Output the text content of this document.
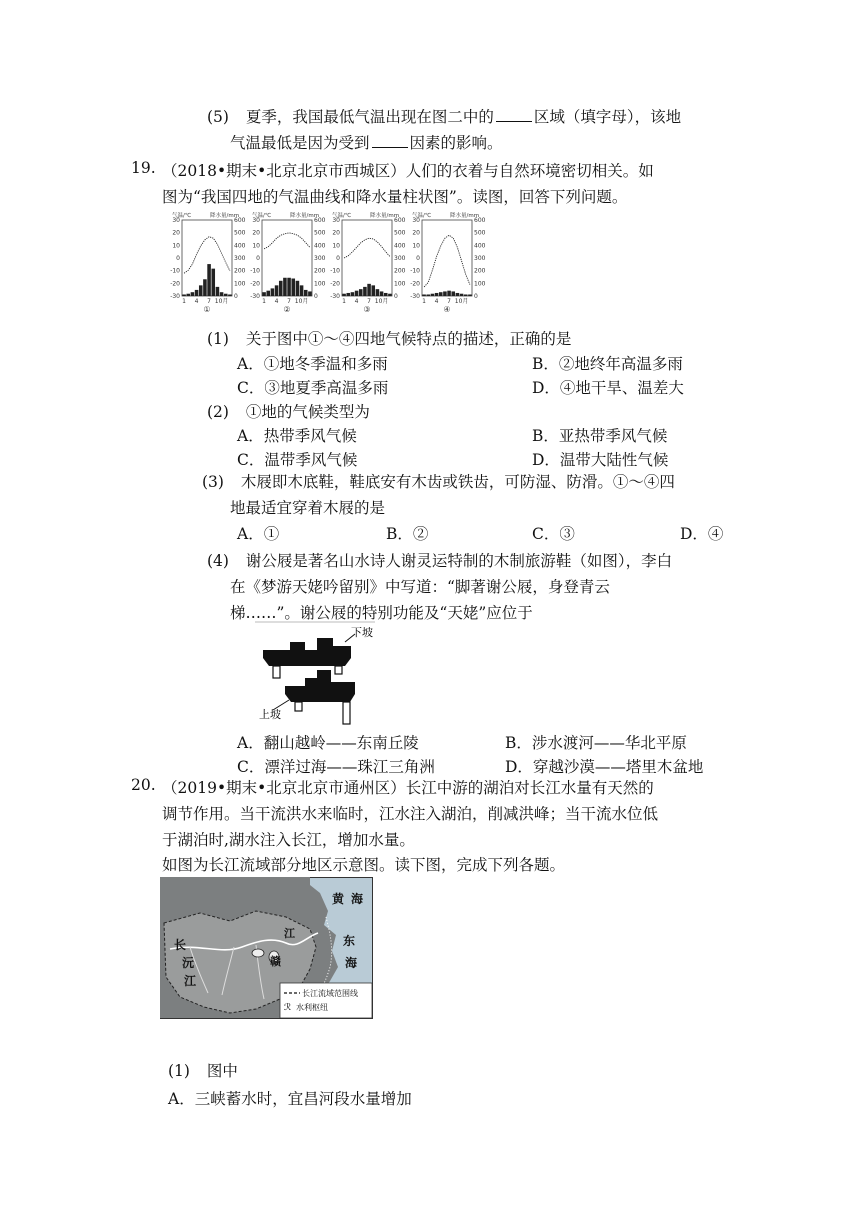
(5) 夏季，我国最低气温出现在图二中的	区域（填字母），该地
气温最低是因为受到	因素的影响。
19. （2018•期末•北京北京市西城区）人们的衣着与自然环境密切相关。如
图为“我国四地的气温曲线和降水量柱状图”。读图，回答下列问题。
气温/℃	降水量/mm
30	600
20	500
10	400
0	300
-10	200
-20	100
-30	0
1 4 7 10月
①
气温/℃	降水量/mm
30	600
20	500
10	400
0	300
-10	200
-20	100
-30	0
1 4 7 10月
②
气温/℃	降水量/mm
30	600
20	500
10	400
0	300
-10	200
-20	100
-30	0
1 4 7 10月
③
气温/℃	降水量/mm
30	600
20	500
10	400
0	300
-10	200
-20	100
-30	0
1 4 7 10月
④
(1) 关于图中①～④四地气候特点的描述，正确的是
A．①地冬季温和多雨	B．②地终年高温多雨
C．③地夏季高温多雨	D．④地干旱、温差大
(2) ①地的气候类型为
A．热带季风气候	B．亚热带季风气候
C．温带季风气候	D．温带大陆性气候
(3) 木屐即木底鞋，鞋底安有木齿或铁齿，可防湿、防滑。①～④四
地最适宜穿着木屐的是
A．①	B．②	C．③	D．④
(4) 谢公屐是著名山水诗人谢灵运特制的木制旅游鞋（如图），李白
在《梦游天姥吟留别》中写道：“脚著谢公屐，身登青云
梯……”。谢公屐的特别功能及“天姥”应位于
下坡
上坡
A．翻山越岭——东南丘陵	B．涉水渡河——华北平原
C．漂洋过海——珠江三角洲	D．穿越沙漠——塔里木盆地
20. （2019•期末•北京北京市通州区）长江中游的湖泊对长江水量有天然的
调节作用。当干流洪水来临时，江水注入湖泊，削减洪峰；当干流水位低
于湖泊时,湖水注入长江，增加水量。
如图为长江流域部分地区示意图。读下图，完成下列各题。
黄 海
东
海
长
沅
江
江
赣
长江流域范围线
ℛ 水利枢纽
(1) 图中
A．三峡蓄水时，宜昌河段水量增加
